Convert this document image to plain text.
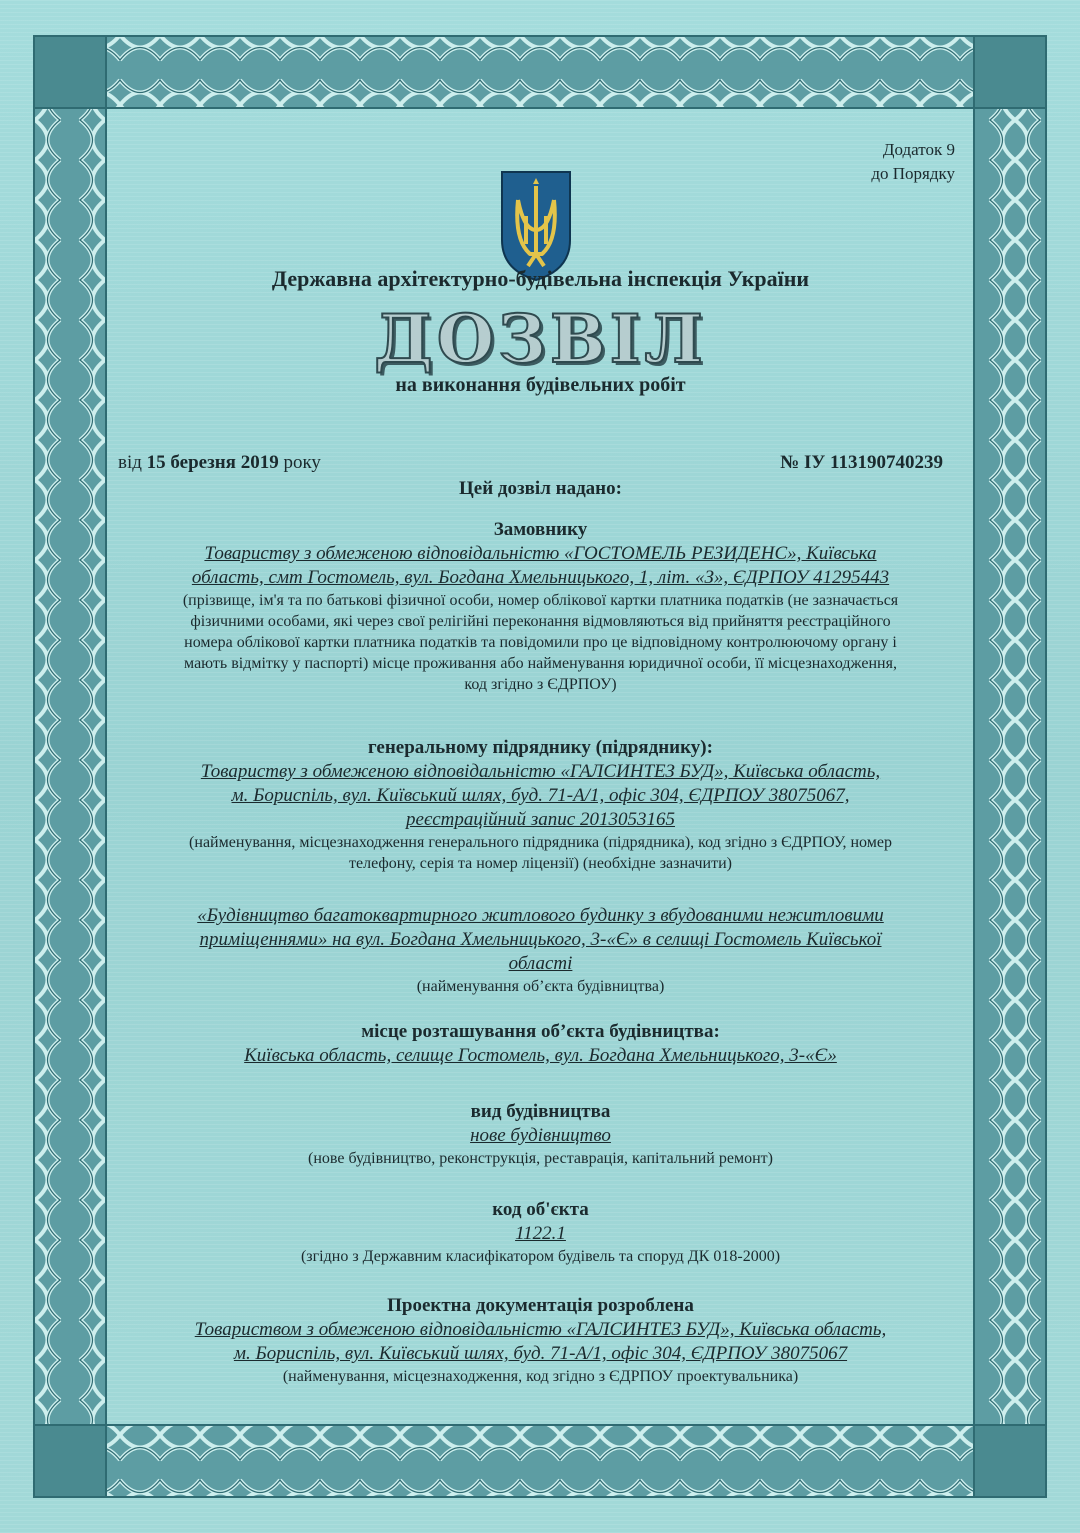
Додаток 9
до Порядку
Державна архітектурно-будівельна інспекція України
ДОЗВІЛ
на виконання будівельних робіт
від 15 березня 2019 року	№ ІУ 113190740239
Цей дозвіл надано:
Замовнику
Товариству з обмеженою відповідальністю «ГОСТОМЕЛЬ РЕЗИДЕНС», Київська
область, смт Гостомель, вул. Богдана Хмельницького, 1, літ. «З», ЄДРПОУ 41295443
(прізвище, ім'я та по батькові фізичної особи, номер облікової картки платника податків (не зазначається
фізичними особами, які через свої релігійні переконання відмовляються від прийняття реєстраційного
номера облікової картки платника податків та повідомили про це відповідному контролюючому органу і
мають відмітку у паспорті) місце проживання або найменування юридичної особи, її місцезнаходження,
код згідно з ЄДРПОУ)
генеральному підряднику (підряднику):
Товариству з обмеженою відповідальністю «ГАЛСИНТЕЗ БУД», Київська область,
м. Бориспіль, вул. Київський шлях, буд. 71-А/1, офіс 304, ЄДРПОУ 38075067,
реєстраційний запис 2013053165
(найменування, місцезнаходження генерального підрядника (підрядника), код згідно з ЄДРПОУ, номер
телефону, серія та номер ліцензії) (необхідне зазначити)
«Будівництво багатоквартирного житлового будинку з вбудованими нежитловими
приміщеннями» на вул. Богдана Хмельницького, 3-«Є» в селищі Гостомель Київської
області
(найменування об’єкта будівництва)
місце розташування об’єкта будівництва:
Київська область, селище Гостомель, вул. Богдана Хмельницького, 3-«Є»
вид будівництва
нове будівництво
(нове будівництво, реконструкція, реставрація, капітальний ремонт)
код об'єкта
1122.1
(згідно з Державним класифікатором будівель та споруд ДК 018-2000)
Проектна документація розроблена
Товариством з обмеженою відповідальністю «ГАЛСИНТЕЗ БУД», Київська область,
м. Бориспіль, вул. Київський шлях, буд. 71-А/1, офіс 304, ЄДРПОУ 38075067
(найменування, місцезнаходження, код згідно з ЄДРПОУ проектувальника)
